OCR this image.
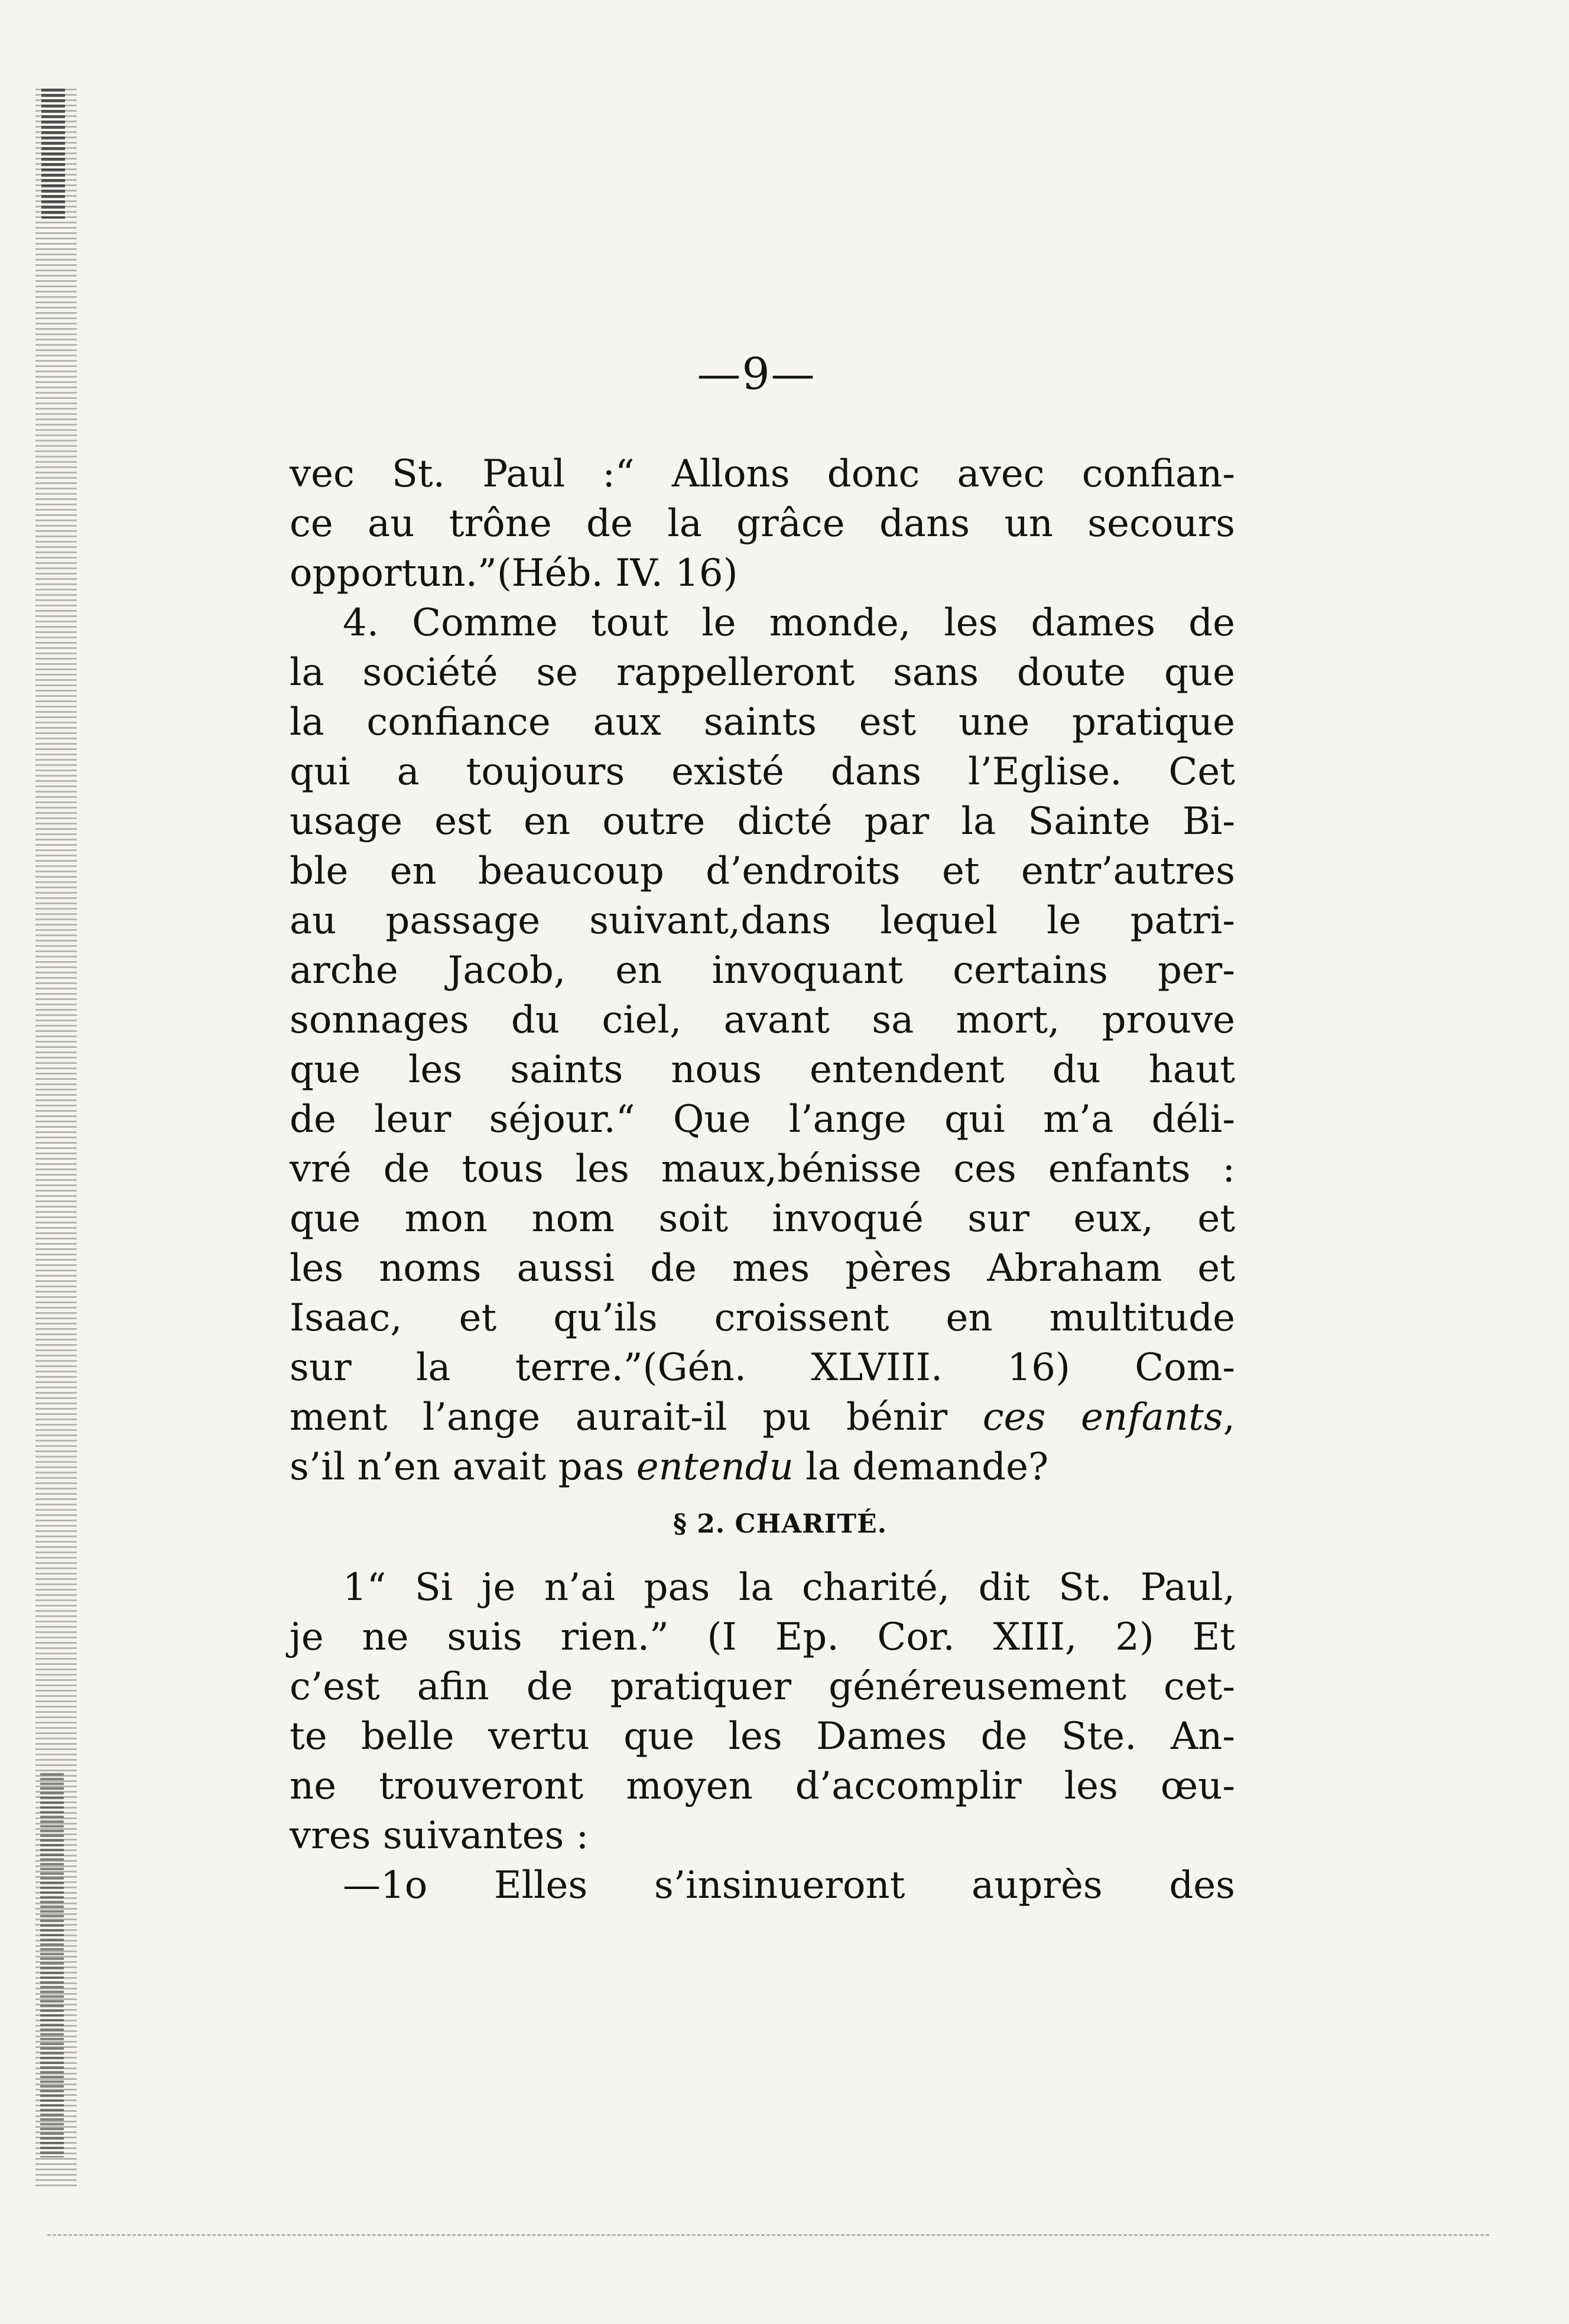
—9—
vec St. Paul :“ Allons donc avec confian-
ce au trône de la grâce dans un secours
opportun.”(Héb. IV. 16)
4. Comme tout le monde, les dames de
la société se rappelleront sans doute que
la confiance aux saints est une pratique
qui a toujours existé dans l’Eglise. Cet
usage est en outre dicté par la Sainte Bi-
ble en beaucoup d’endroits et entr’autres
au passage suivant,dans lequel le patri-
arche Jacob, en invoquant certains per-
sonnages du ciel, avant sa mort, prouve
que les saints nous entendent du haut
de leur séjour.“ Que l’ange qui m’a déli-
vré de tous les maux,bénisse ces enfants :
que mon nom soit invoqué sur eux, et
les noms aussi de mes pères Abraham et
Isaac, et qu’ils croissent en multitude
sur la terre.”(Gén. XLVIII. 16) Com-
ment l’ange aurait-il pu bénir ces enfants,
s’il n’en avait pas entendu la demande?
§ 2. CHARITÉ.
1“ Si je n’ai pas la charité, dit St. Paul,
je ne suis rien.” (I Ep. Cor. XIII, 2) Et
c’est afin de pratiquer généreusement cet-
te belle vertu que les Dames de Ste. An-
ne trouveront moyen d’accomplir les œu-
vres suivantes :
—1o Elles s’insinueront auprès des
